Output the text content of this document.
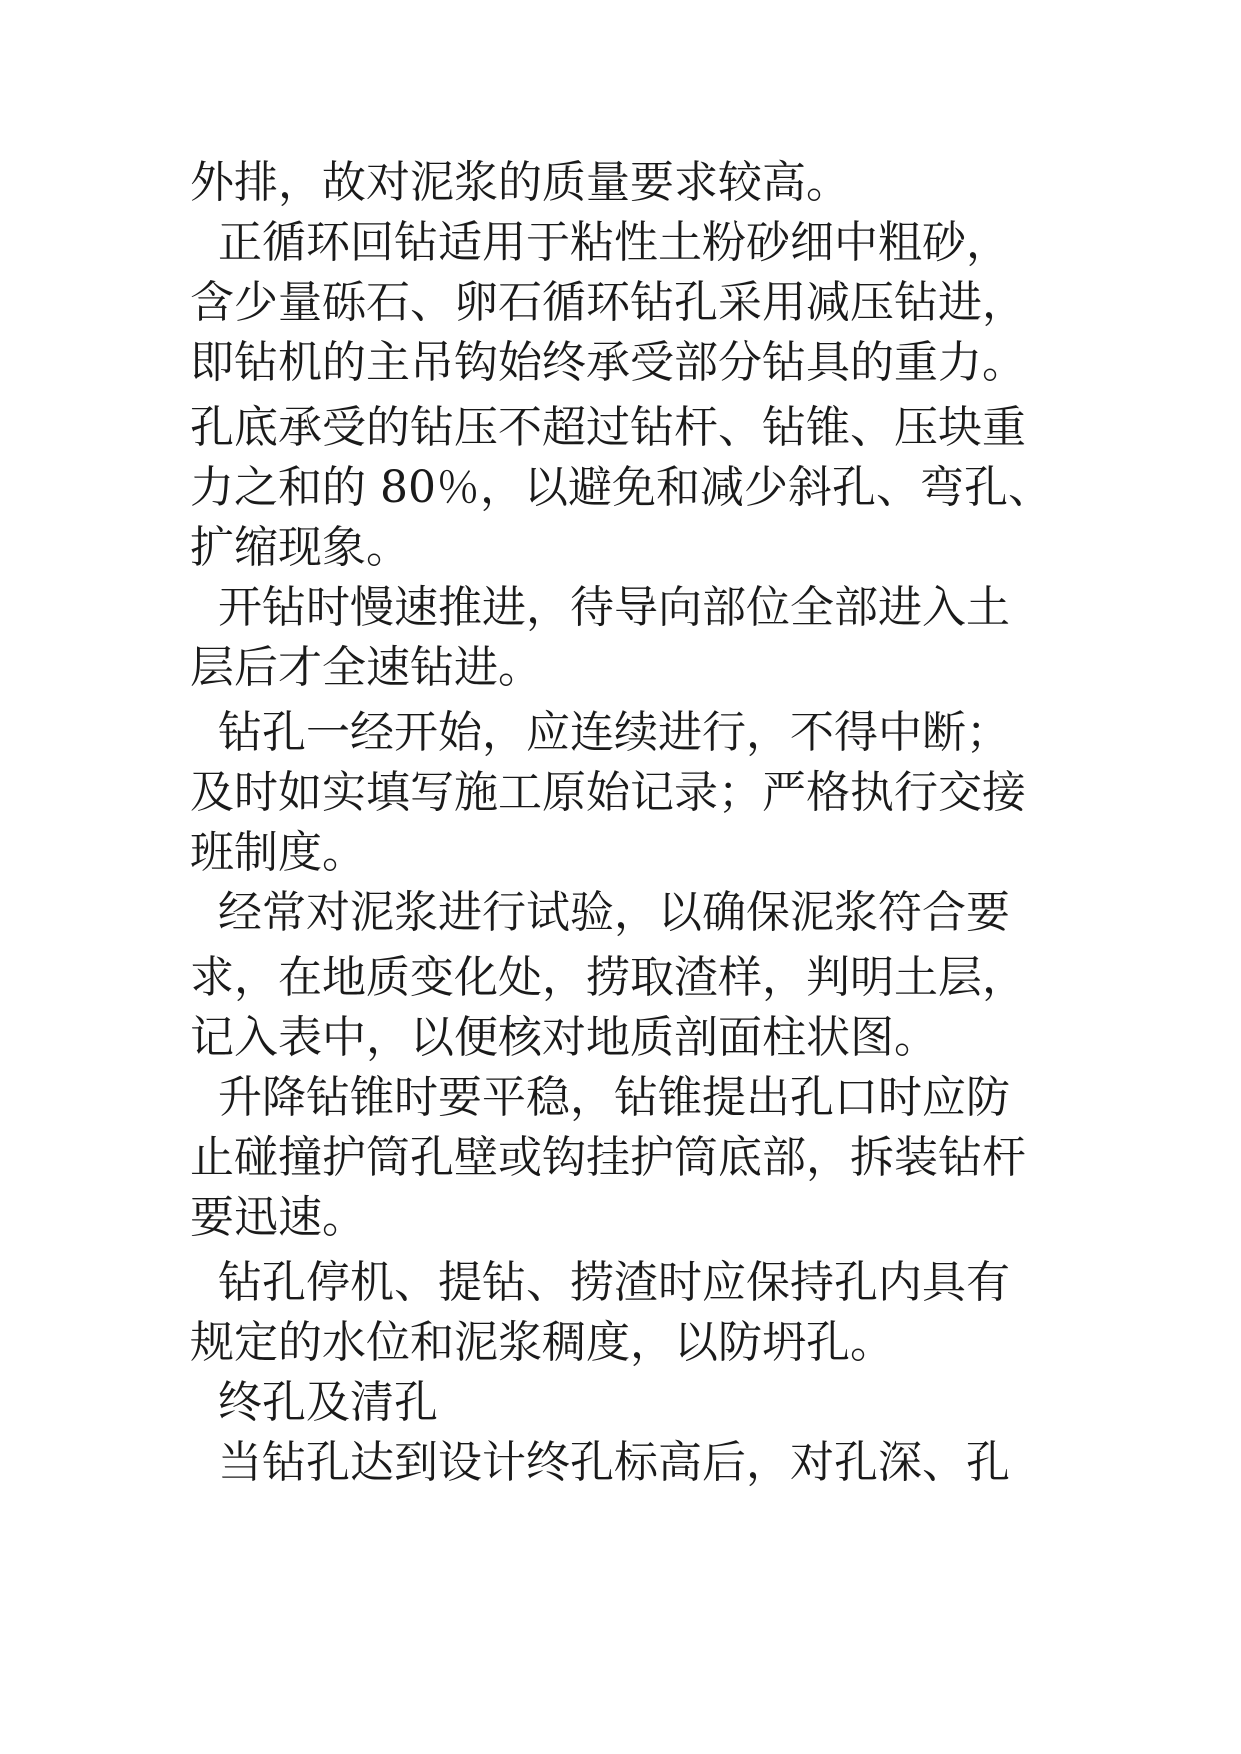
外排，故对泥浆的质量要求较高。
正循环回钻适用于粘性土粉砂细中粗砂，
含少量砾石、卵石循环钻孔采用减压钻进，
即钻机的主吊钩始终承受部分钻具的重力。
孔底承受的钻压不超过钻杆、钻锥、压块重
力之和的 80％，以避免和减少斜孔、弯孔、
扩缩现象。
开钻时慢速推进，待导向部位全部进入土
层后才全速钻进。
钻孔一经开始，应连续进行，不得中断；
及时如实填写施工原始记录；严格执行交接
班制度。
经常对泥浆进行试验，以确保泥浆符合要
求，在地质变化处，捞取渣样，判明土层，
记入表中，以便核对地质剖面柱状图。
升降钻锥时要平稳，钻锥提出孔口时应防
止碰撞护筒孔壁或钩挂护筒底部，拆装钻杆
要迅速。
钻孔停机、提钻、捞渣时应保持孔内具有
规定的水位和泥浆稠度，以防坍孔。
终孔及清孔
当钻孔达到设计终孔标高后，对孔深、孔
